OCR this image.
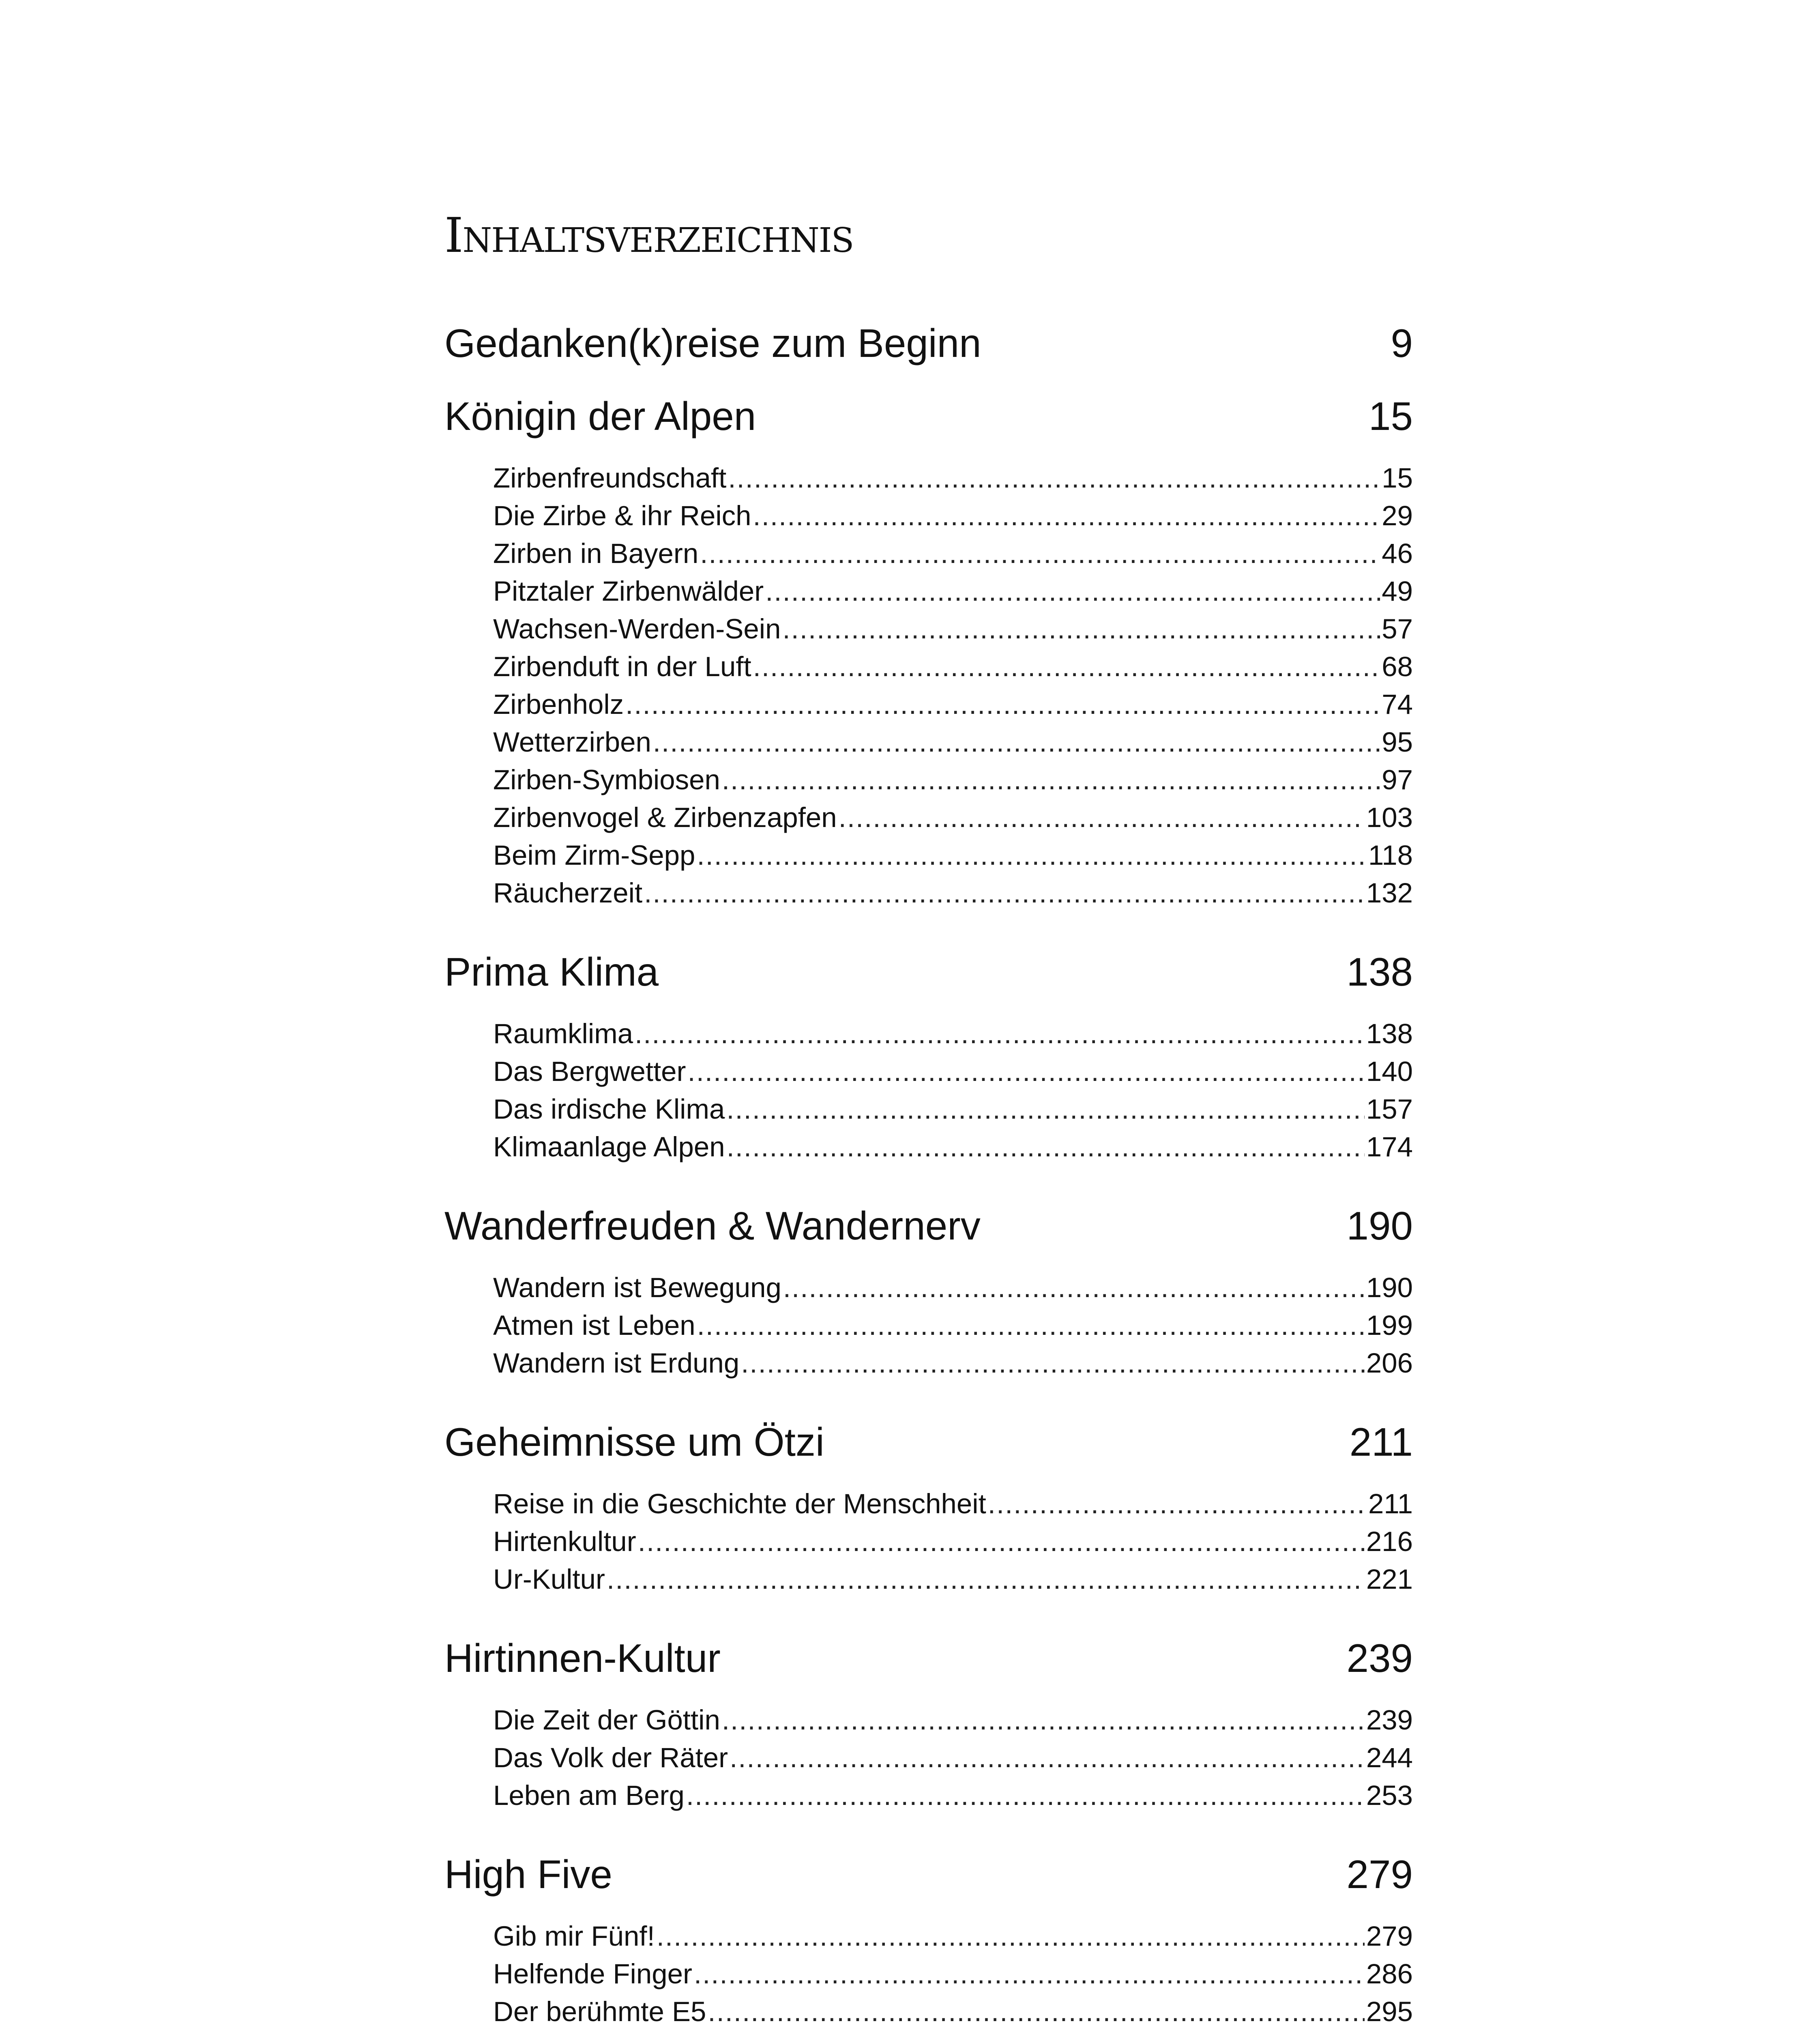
Inhaltsverzeichnis
Gedanken(k)reise zum Beginn	9
Königin der Alpen	15
Zirbenfreundschaft .....	15
Die Zirbe & ihr Reich .....	29
Zirben in Bayern .....	46
Pitztaler Zirbenwälder .....	49
Wachsen-Werden-Sein .....	57
Zirbenduft in der Luft .....	68
Zirbenholz .....	74
Wetterzirben .....	95
Zirben-Symbiosen .....	97
Zirbenvogel & Zirbenzapfen .....	103
Beim Zirm-Sepp .....	118
Räucherzeit .....	132
Prima Klima	138
Raumklima .....	138
Das Bergwetter .....	140
Das irdische Klima .....	157
Klimaanlage Alpen .....	174
Wanderfreuden & Wandernerv	190
Wandern ist Bewegung .....	190
Atmen ist Leben .....	199
Wandern ist Erdung .....	206
Geheimnisse um Ötzi	211
Reise in die Geschichte der Menschheit .....	211
Hirtenkultur .....	216
Ur-Kultur .....	221
Hirtinnen-Kultur	239
Die Zeit der Göttin .....	239
Das Volk der Räter .....	244
Leben am Berg .....	253
High Five	279
Gib mir Fünf! .....	279
Helfende Finger .....	286
Der berühmte E5 .....	295
